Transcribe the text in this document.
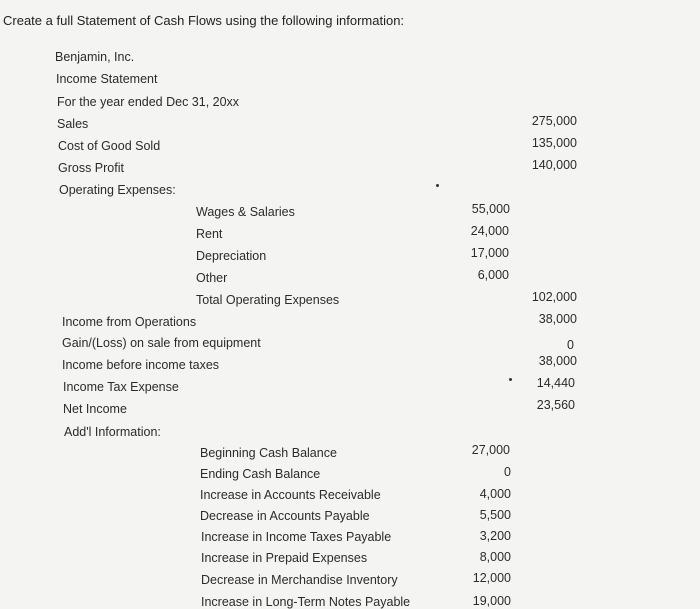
Create a full Statement of Cash Flows using the following information:
Benjamin, Inc.
Income Statement
For the year ended Dec 31, 20xx
Sales	275,000
Cost of Good Sold	135,000
Gross Profit	140,000
Operating Expenses:
Wages & Salaries	55,000
Rent	24,000
Depreciation	17,000
Other	6,000
Total Operating Expenses	102,000
Income from Operations	38,000
Gain/(Loss) on sale from equipment	0
Income before income taxes	38,000
Income Tax Expense	14,440
Net Income	23,560
Add'l Information:
Beginning Cash Balance	27,000
Ending Cash Balance	0
Increase in Accounts Receivable	4,000
Decrease in Accounts Payable	5,500
Increase in Income Taxes Payable	3,200
Increase in Prepaid Expenses	8,000
Decrease in Merchandise Inventory	12,000
Increase in Long-Term Notes Payable	19,000
